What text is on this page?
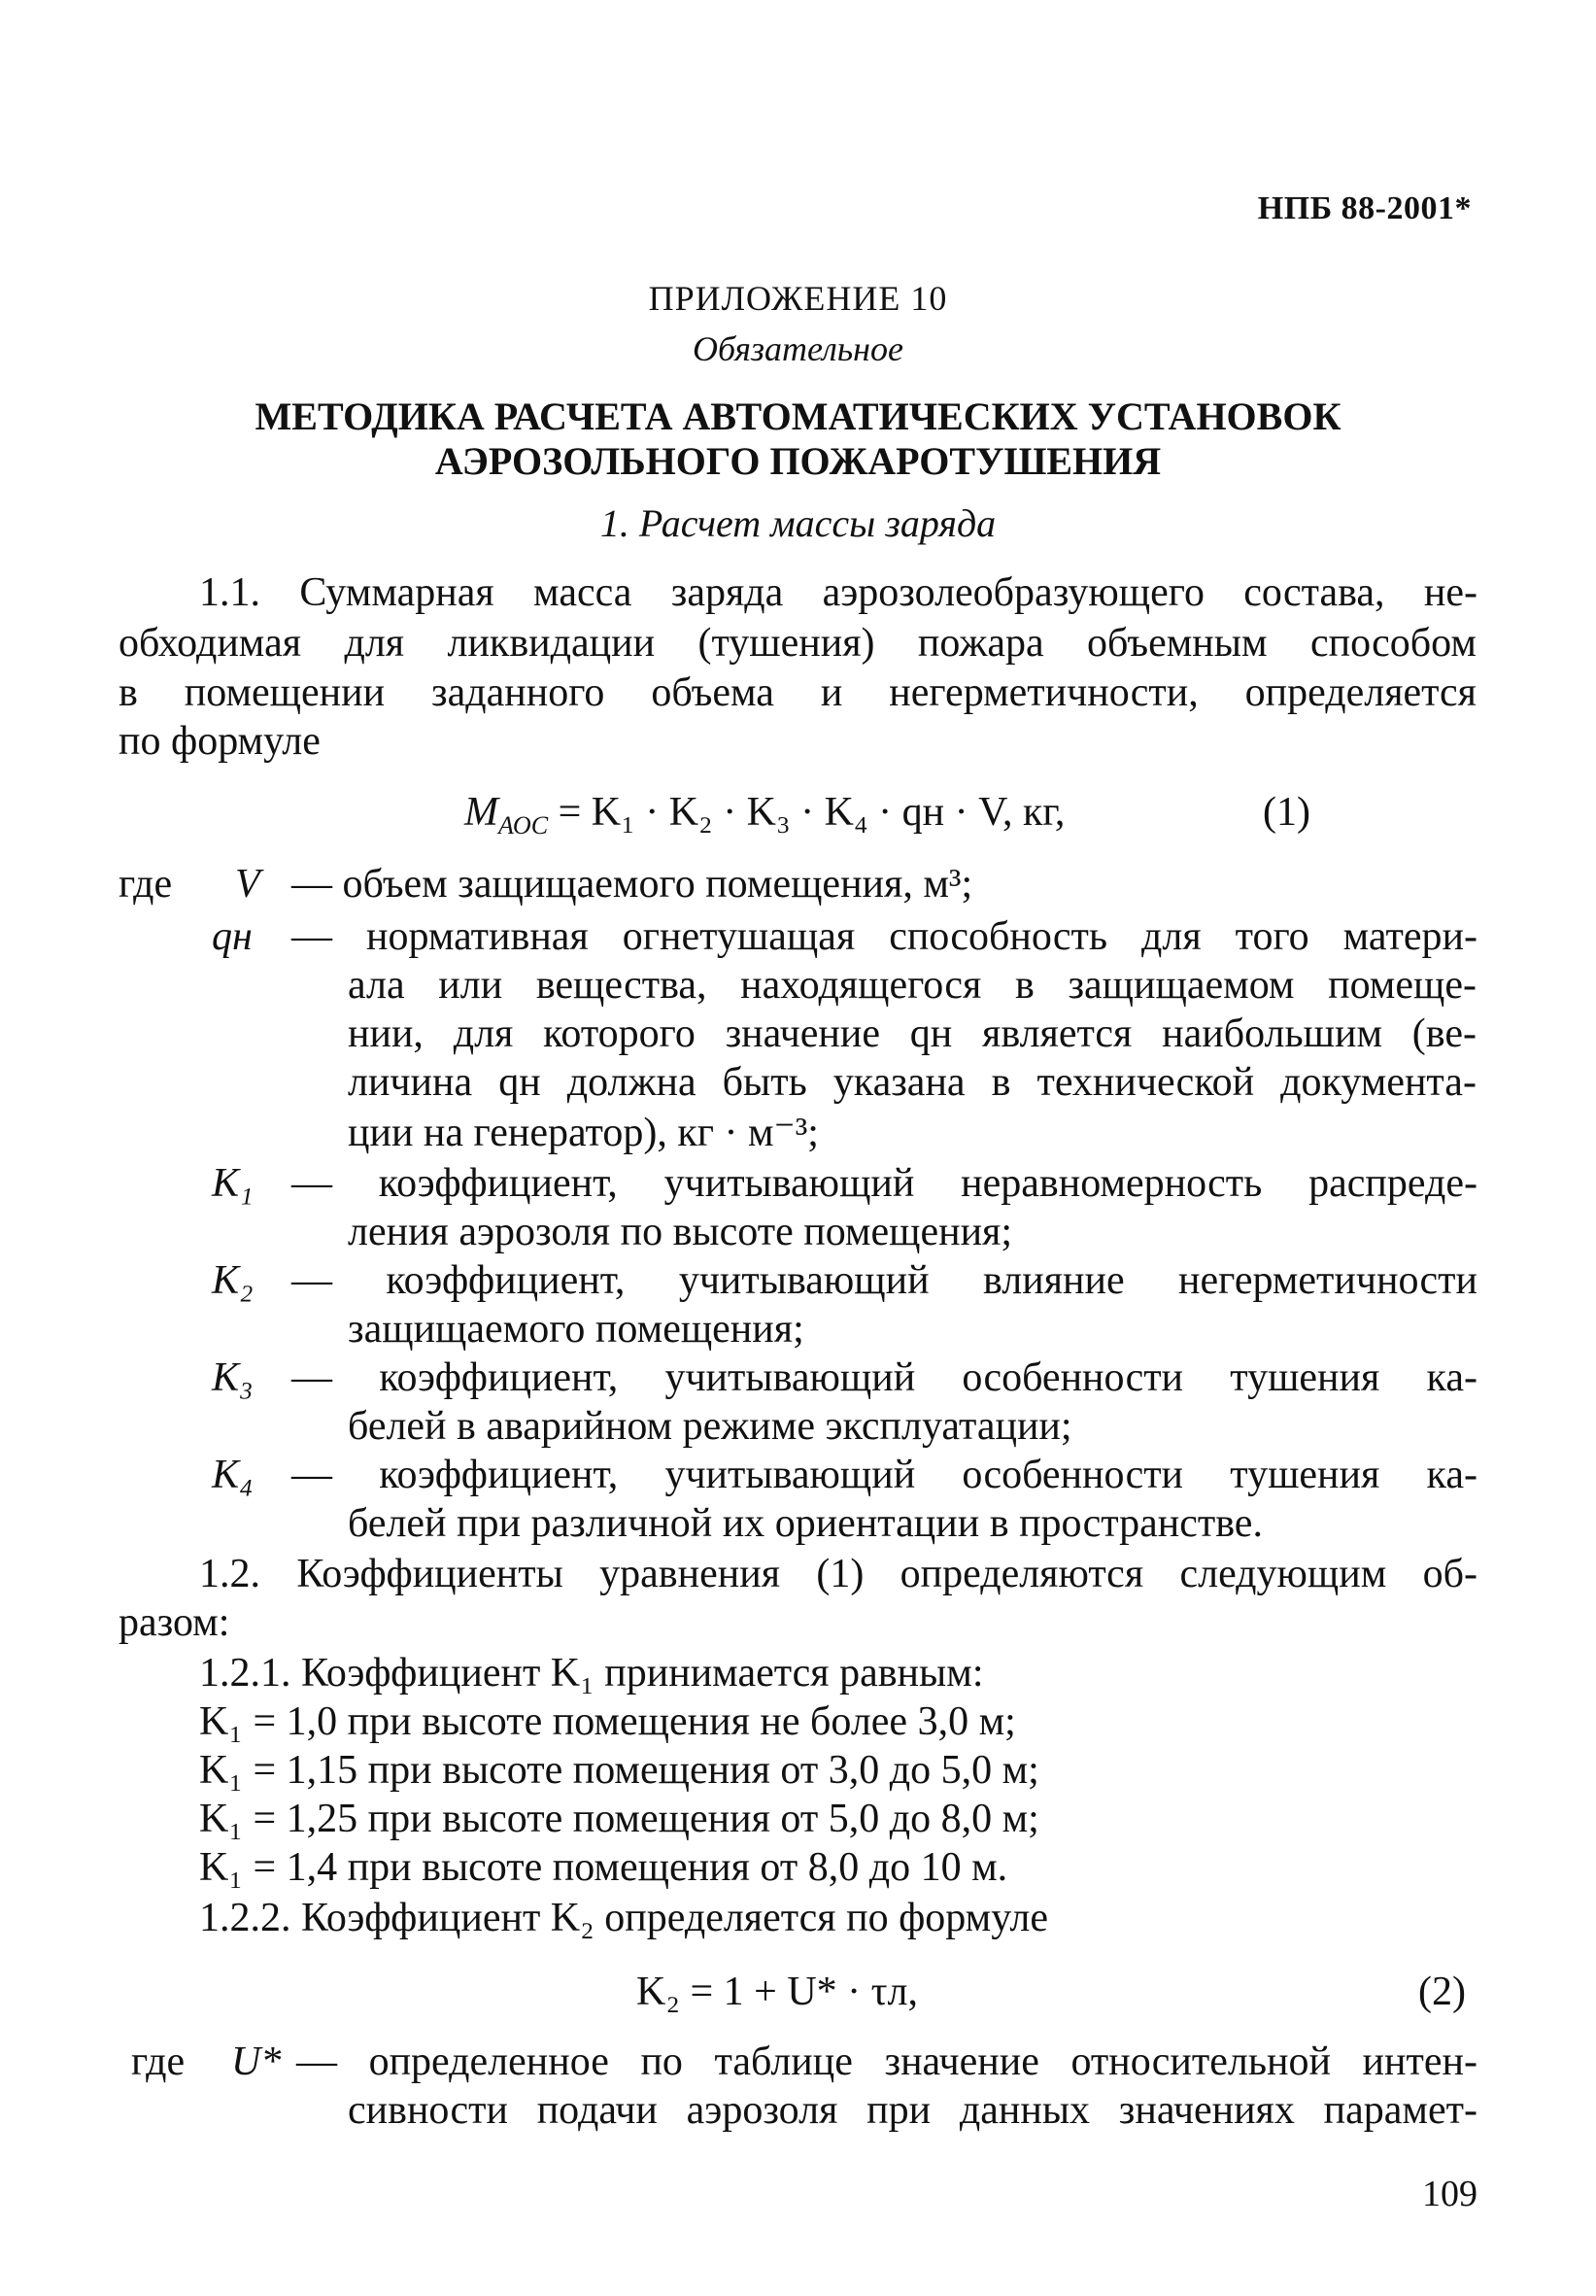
НПБ 88-2001*
ПРИЛОЖЕНИЕ 10
Обязательное
МЕТОДИКА РАСЧЕТА АВТОМАТИЧЕСКИХ УСТАНОВОК
АЭРОЗОЛЬНОГО ПОЖАРОТУШЕНИЯ
1. Расчет массы заряда
1.1. Суммарная масса заряда аэрозолеобразующего состава, не-
обходимая для ликвидации (тушения) пожара объемным способом
в помещении заданного объема и негерметичности, определяется
по формуле
$M_{АОС} = K_1 \cdot K_2 \cdot K_3 \cdot K_4$ · qн · V, кг,	(1)
где V — объем защищаемого помещения, м³;
qн — нормативная огнетушащая способность для того матери-
ала или вещества, находящегося в защищаемом помеще-
нии, для которого значение qн является наибольшим (ве-
личина qн должна быть указана в технической документа-
ции на генератор), кг · м⁻³;
K₁ — коэффициент, учитывающий неравномерность распреде-
ления аэрозоля по высоте помещения;
K₂ — коэффициент, учитывающий влияние негерметичности
защищаемого помещения;
K₃ — коэффициент, учитывающий особенности тушения ка-
белей в аварийном режиме эксплуатации;
K₄ — коэффициент, учитывающий особенности тушения ка-
белей при различной их ориентации в пространстве.
1.2. Коэффициенты уравнения (1) определяются следующим об-
разом:
1.2.1. Коэффициент K₁ принимается равным:
K₁ = 1,0 при высоте помещения не более 3,0 м;
K₁ = 1,15 при высоте помещения от 3,0 до 5,0 м;
K₁ = 1,25 при высоте помещения от 5,0 до 8,0 м;
K₁ = 1,4 при высоте помещения от 8,0 до 10 м.
1.2.2. Коэффициент K₂ определяется по формуле
K₂ = 1 + U* · τл,	(2)
где U* — определенное по таблице значение относительной интен-
сивности подачи аэрозоля при данных значениях парамет-
109
